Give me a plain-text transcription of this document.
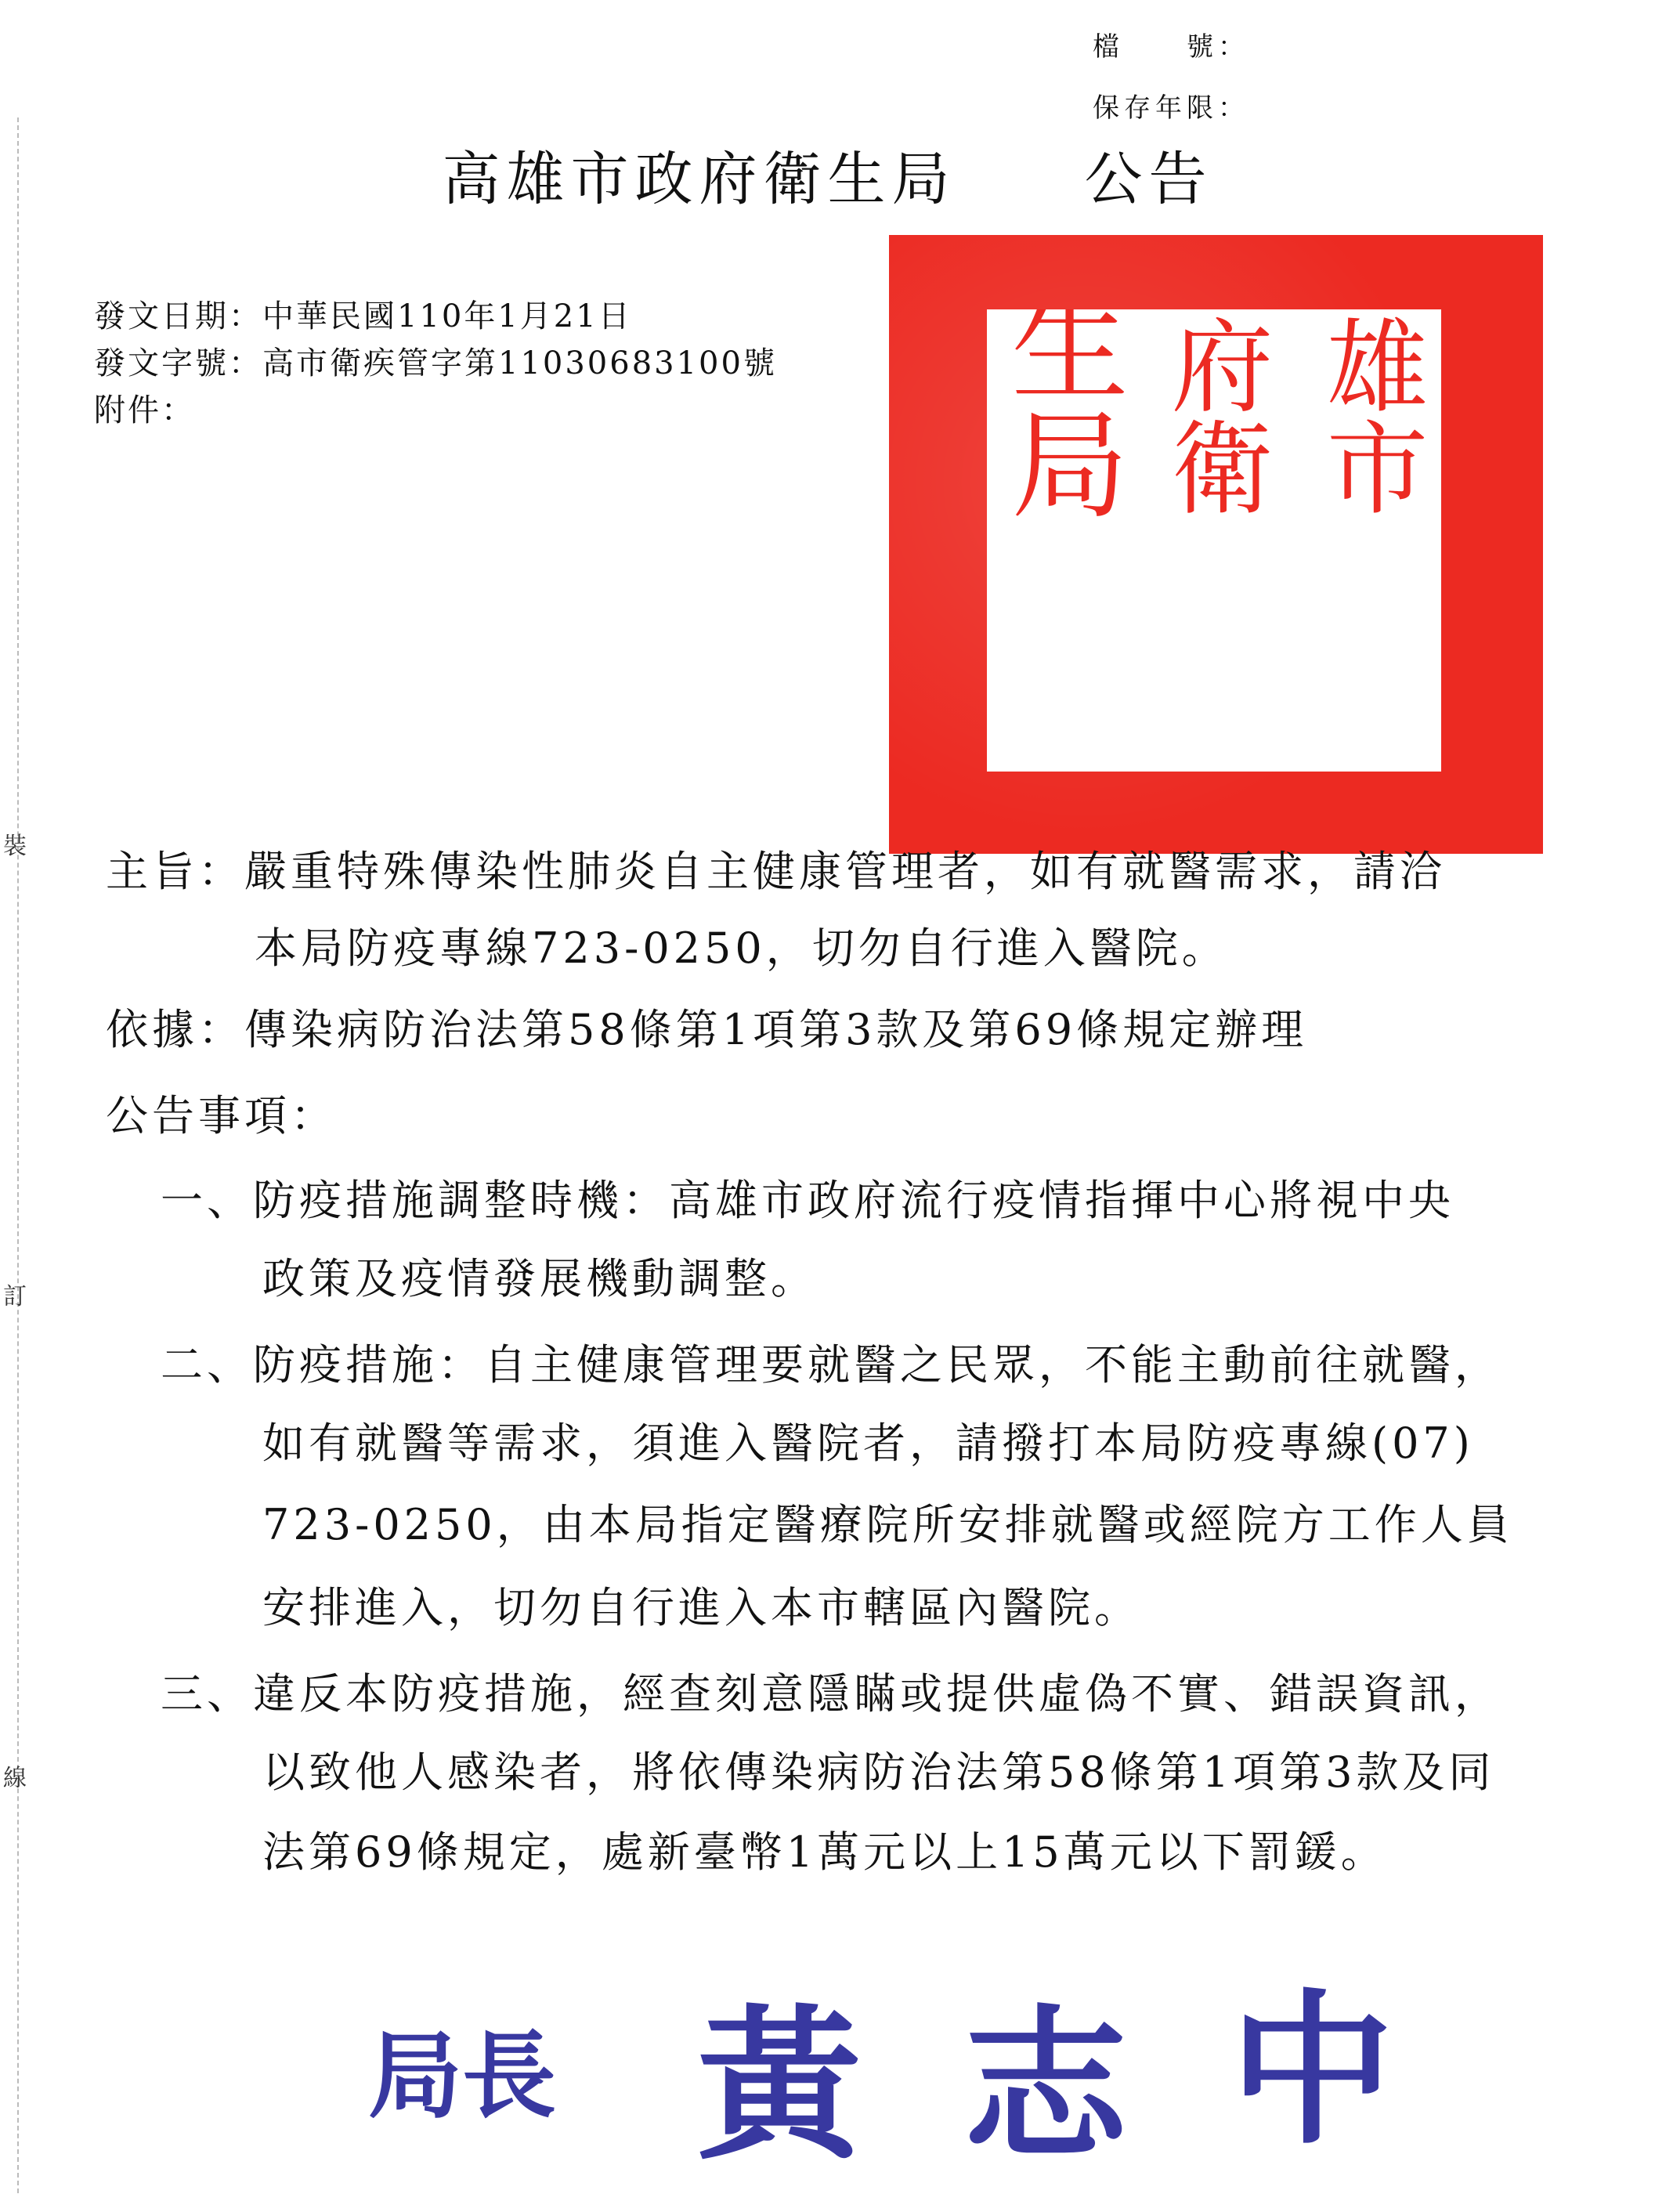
裝
訂
線
檔　　號：
保存年限：
高雄市政府衛生局　　公告
發文日期：中華民國110年1月21日
發文字號：高市衛疾管字第11030683100號
附件：	高雄市
政府衛
生局
主旨：嚴重特殊傳染性肺炎自主健康管理者，如有就醫需求，請洽
本局防疫專線723-0250，切勿自行進入醫院。
依據：傳染病防治法第58條第1項第3款及第69條規定辦理
公告事項：
一、防疫措施調整時機：高雄市政府流行疫情指揮中心將視中央
政策及疫情發展機動調整。
二、防疫措施：自主健康管理要就醫之民眾，不能主動前往就醫，
如有就醫等需求，須進入醫院者，請撥打本局防疫專線(07)
723-0250，由本局指定醫療院所安排就醫或經院方工作人員
安排進入，切勿自行進入本市轄區內醫院。
三、違反本防疫措施，經查刻意隱瞞或提供虛偽不實、錯誤資訊，
以致他人感染者，將依傳染病防治法第58條第1項第3款及同
法第69條規定，處新臺幣1萬元以上15萬元以下罰鍰。
局長 黃 志 中
